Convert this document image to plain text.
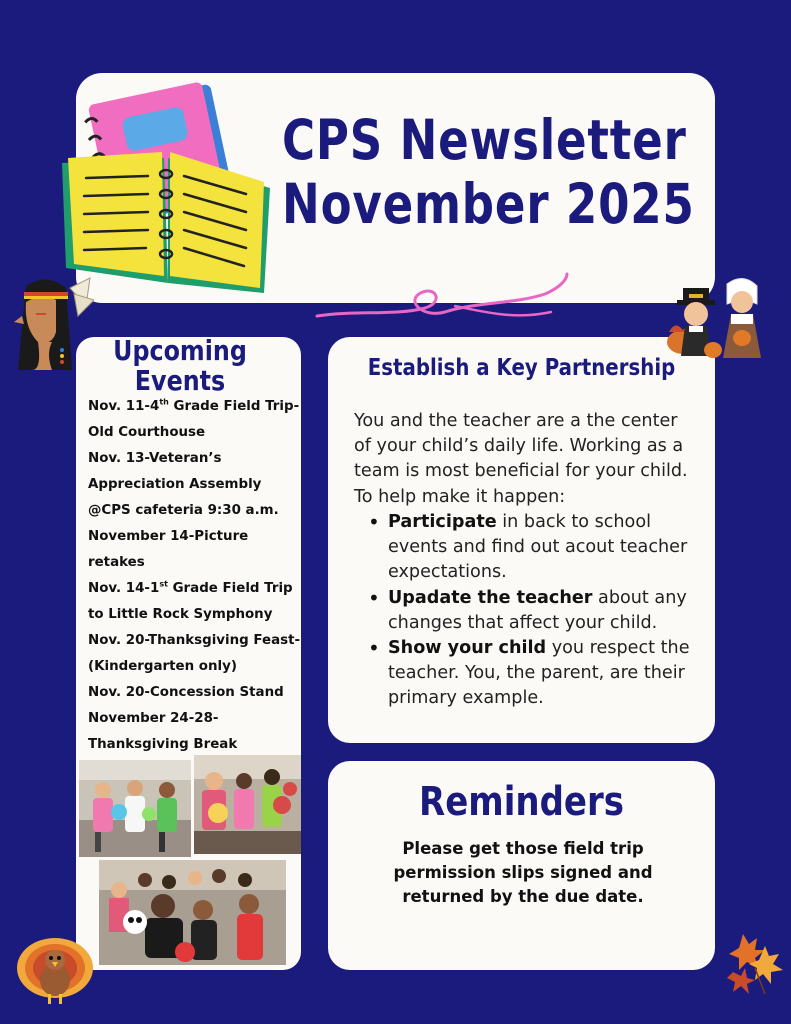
CPS Newsletter
November 2025
Upcoming
Events
Nov. 11-4th Grade Field Trip-Old Courthouse
Nov. 13-Veteran’s Appreciation Assembly @CPS cafeteria 9:30 a.m.
November 14-Picture retakes
Nov. 14-1st Grade Field Trip to Little Rock Symphony
Nov. 20-Thanksgiving Feast-(Kindergarten only)
Nov. 20-Concession Stand
November 24-28-Thanksgiving Break
Establish a Key Partnership

You and the teacher are a the center of your child’s daily life. Working as a team is most beneficial for your child. To help make it happen:

• Participate in back to school events and find out acout teacher expectations.
• Upadate the teacher about any changes that affect your child.
• Show your child you respect the teacher. You, the parent, are their primary example.
Reminders

Please get those field trip permission slips signed and returned by the due date.
